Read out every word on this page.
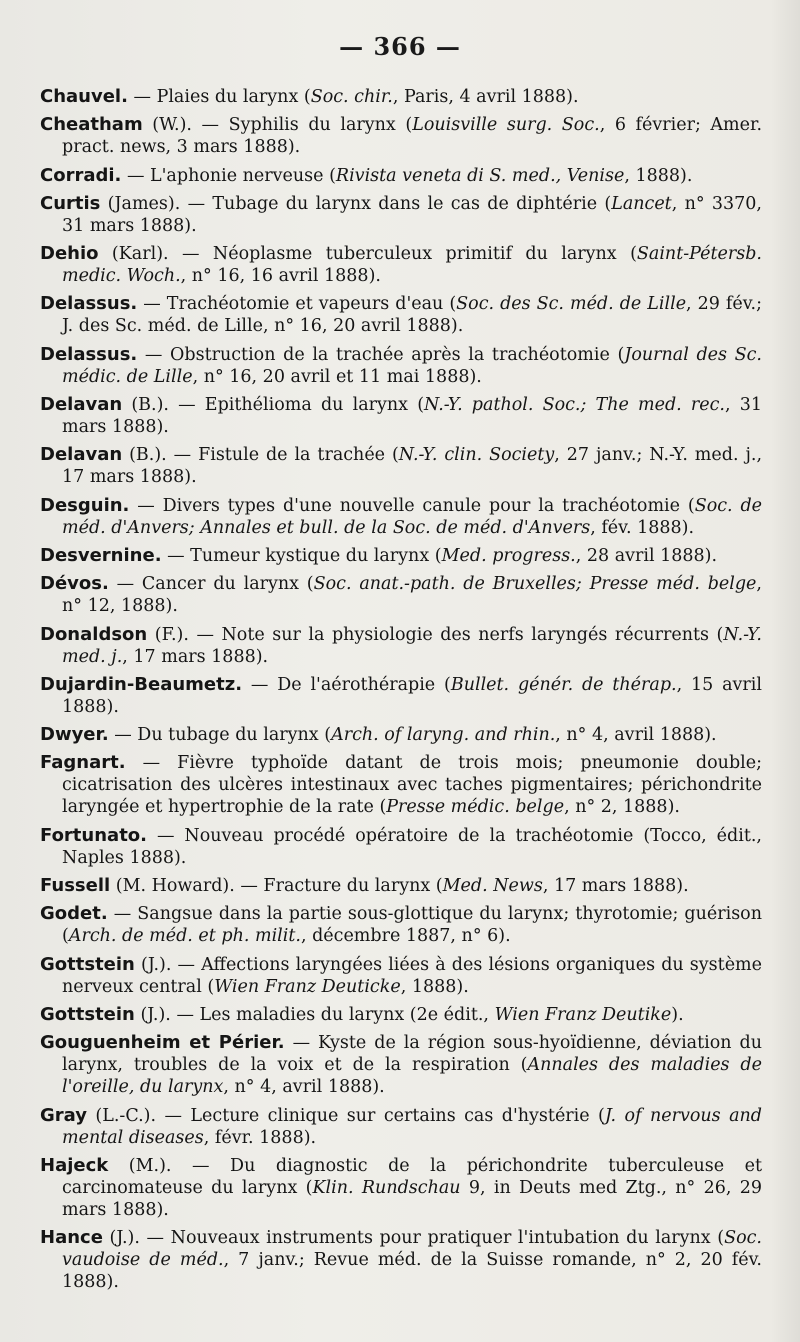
— 366 —

Chauvel. — Plaies du larynx (Soc. chir., Paris, 4 avril 1888).

Cheatham (W.). — Syphilis du larynx (Louisville surg. Soc., 6 février; Amer. pract. news, 3 mars 1888).

Corradi. — L'aphonie nerveuse (Rivista veneta di S. med., Venise, 1888).

Curtis (James). — Tubage du larynx dans le cas de diphtérie (Lancet, n° 3370, 31 mars 1888).

Dehio (Karl). — Néoplasme tuberculeux primitif du larynx (Saint-Pétersb. medic. Woch., n° 16, 16 avril 1888).

Delassus. — Trachéotomie et vapeurs d'eau (Soc. des Sc. méd. de Lille, 29 fév.; J. des Sc. méd. de Lille, n° 16, 20 avril 1888).

Delassus. — Obstruction de la trachée après la trachéotomie (Journal des Sc. médic. de Lille, n° 16, 20 avril et 11 mai 1888).

Delavan (B.). — Epithélioma du larynx (N.-Y. pathol. Soc.; The med. rec., 31 mars 1888).

Delavan (B.). — Fistule de la trachée (N.-Y. clin. Society, 27 janv.; N.-Y. med. j., 17 mars 1888).

Desguin. — Divers types d'une nouvelle canule pour la trachéotomie (Soc. de méd. d'Anvers; Annales et bull. de la Soc. de méd. d'Anvers, fév. 1888).

Desvernine. — Tumeur kystique du larynx (Med. progress., 28 avril 1888).

Dévos. — Cancer du larynx (Soc. anat.-path. de Bruxelles; Presse méd. belge, n° 12, 1888).

Donaldson (F.). — Note sur la physiologie des nerfs laryngés récurrents (N.-Y. med. j., 17 mars 1888).

Dujardin-Beaumetz. — De l'aérothérapie (Bullet. génér. de thérap., 15 avril 1888).

Dwyer. — Du tubage du larynx (Arch. of laryng. and rhin., n° 4, avril 1888).

Fagnart. — Fièvre typhoïde datant de trois mois; pneumonie double; cicatrisation des ulcères intestinaux avec taches pigmentaires; périchondrite laryngée et hypertrophie de la rate (Presse médic. belge, n° 2, 1888).

Fortunato. — Nouveau procédé opératoire de la trachéotomie (Tocco, édit., Naples 1888).

Fussell (M. Howard). — Fracture du larynx (Med. News, 17 mars 1888).

Godet. — Sangsue dans la partie sous-glottique du larynx; thyrotomie; guérison (Arch. de méd. et ph. milit., décembre 1887, n° 6).

Gottstein (J.). — Affections laryngées liées à des lésions organiques du système nerveux central (Wien Franz Deuticke, 1888).

Gottstein (J.). — Les maladies du larynx (2e édit., Wien Franz Deutike).

Gouguenheim et Périer. — Kyste de la région sous-hyoïdienne, déviation du larynx, troubles de la voix et de la respiration (Annales des maladies de l'oreille, du larynx, n° 4, avril 1888).

Gray (L.-C.). — Lecture clinique sur certains cas d'hystérie (J. of nervous and mental diseases, févr. 1888).

Hajeck (M.). — Du diagnostic de la périchondrite tuberculeuse et carcinomateuse du larynx (Klin. Rundschau 9, in Deuts med Ztg., n° 26, 29 mars 1888).

Hance (J.). — Nouveaux instruments pour pratiquer l'intubation du larynx (Soc. vaudoise de méd., 7 janv.; Revue méd. de la Suisse romande, n° 2, 20 fév. 1888).
